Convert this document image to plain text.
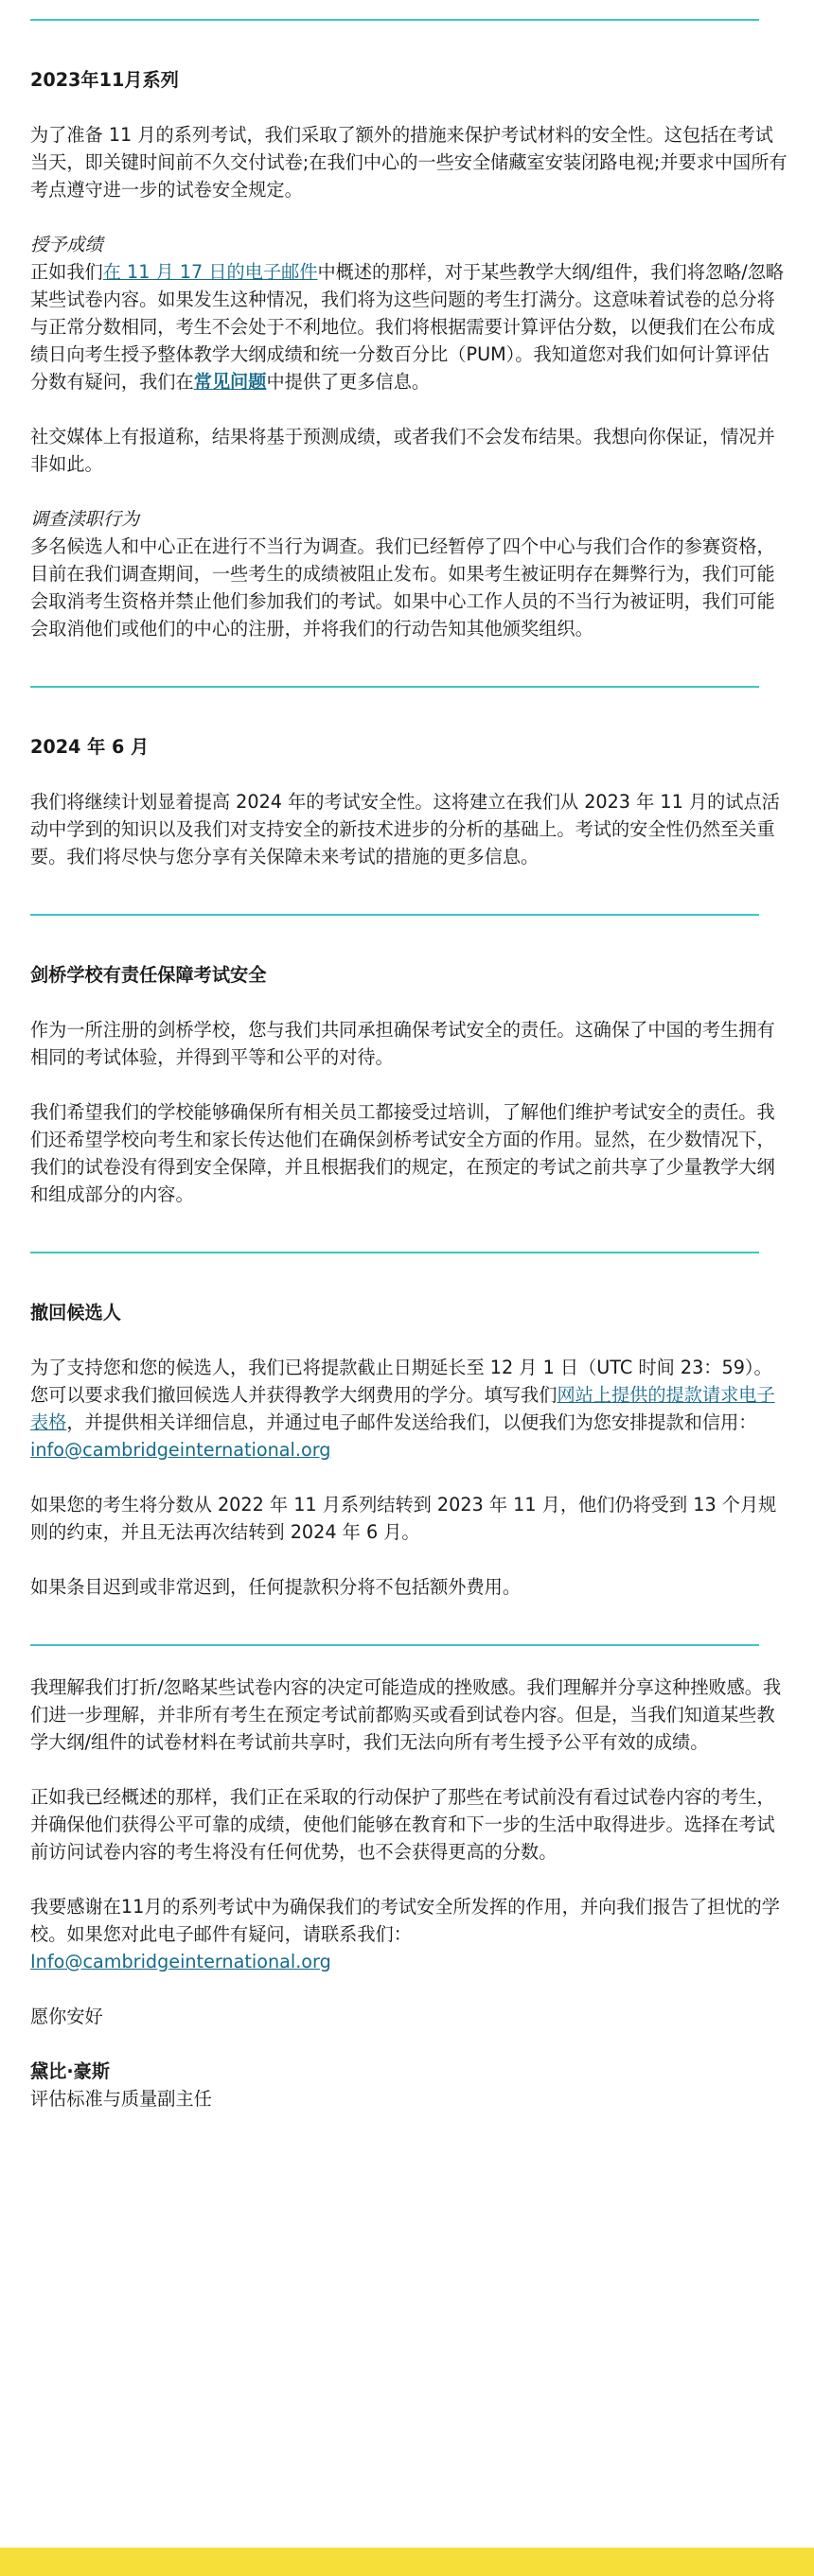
2023年11月系列

为了准备 11 月的系列考试，我们采取了额外的措施来保护考试材料的安全性。这包括在考试当天，即关键时间前不久交付试卷;在我们中心的一些安全储藏室安装闭路电视;并要求中国所有考点遵守进一步的试卷安全规定。

授予成绩

正如我们在 11 月 17 日的电子邮件中概述的那样，对于某些教学大纲/组件，我们将忽略/忽略某些试卷内容。如果发生这种情况，我们将为这些问题的考生打满分。这意味着试卷的总分将与正常分数相同，考生不会处于不利地位。我们将根据需要计算评估分数，以便我们在公布成绩日向考生授予整体教学大纲成绩和统一分数百分比（PUM）。我知道您对我们如何计算评估分数有疑问，我们在常见问题中提供了更多信息。

社交媒体上有报道称，结果将基于预测成绩，或者我们不会发布结果。我想向你保证，情况并非如此。

调查渎职行为

多名候选人和中心正在进行不当行为调查。我们已经暂停了四个中心与我们合作的参赛资格，目前在我们调查期间，一些考生的成绩被阻止发布。如果考生被证明存在舞弊行为，我们可能会取消考生资格并禁止他们参加我们的考试。如果中心工作人员的不当行为被证明，我们可能会取消他们或他们的中心的注册，并将我们的行动告知其他颁奖组织。

2024 年 6 月

我们将继续计划显着提高 2024 年的考试安全性。这将建立在我们从 2023 年 11 月的试点活动中学到的知识以及我们对支持安全的新技术进步的分析的基础上。考试的安全性仍然至关重要。我们将尽快与您分享有关保障未来考试的措施的更多信息。

剑桥学校有责任保障考试安全

作为一所注册的剑桥学校，您与我们共同承担确保考试安全的责任。这确保了中国的考生拥有相同的考试体验，并得到平等和公平的对待。

我们希望我们的学校能够确保所有相关员工都接受过培训，了解他们维护考试安全的责任。我们还希望学校向考生和家长传达他们在确保剑桥考试安全方面的作用。显然，在少数情况下，我们的试卷没有得到安全保障，并且根据我们的规定，在预定的考试之前共享了少量教学大纲和组成部分的内容。

撤回候选人

为了支持您和您的候选人，我们已将提款截止日期延长至 12 月 1 日（UTC 时间 23：59）。您可以要求我们撤回候选人并获得教学大纲费用的学分。填写我们网站上提供的提款请求电子表格，并提供相关详细信息，并通过电子邮件发送给我们，以便我们为您安排提款和信用： info@cambridgeinternational.org

如果您的考生将分数从 2022 年 11 月系列结转到 2023 年 11 月，他们仍将受到 13 个月规则的约束，并且无法再次结转到 2024 年 6 月。

如果条目迟到或非常迟到，任何提款积分将不包括额外费用。

我理解我们打折/忽略某些试卷内容的决定可能造成的挫败感。我们理解并分享这种挫败感。我们进一步理解，并非所有考生在预定考试前都购买或看到试卷内容。但是，当我们知道某些教学大纲/组件的试卷材料在考试前共享时，我们无法向所有考生授予公平有效的成绩。

正如我已经概述的那样，我们正在采取的行动保护了那些在考试前没有看过试卷内容的考生，并确保他们获得公平可靠的成绩，使他们能够在教育和下一步的生活中取得进步。选择在考试前访问试卷内容的考生将没有任何优势，也不会获得更高的分数。

我要感谢在11月的系列考试中为确保我们的考试安全所发挥的作用，并向我们报告了担忧的学校。如果您对此电子邮件有疑问，请联系我们：
Info@cambridgeinternational.org

愿你安好

黛比·豪斯
评估标准与质量副主任
